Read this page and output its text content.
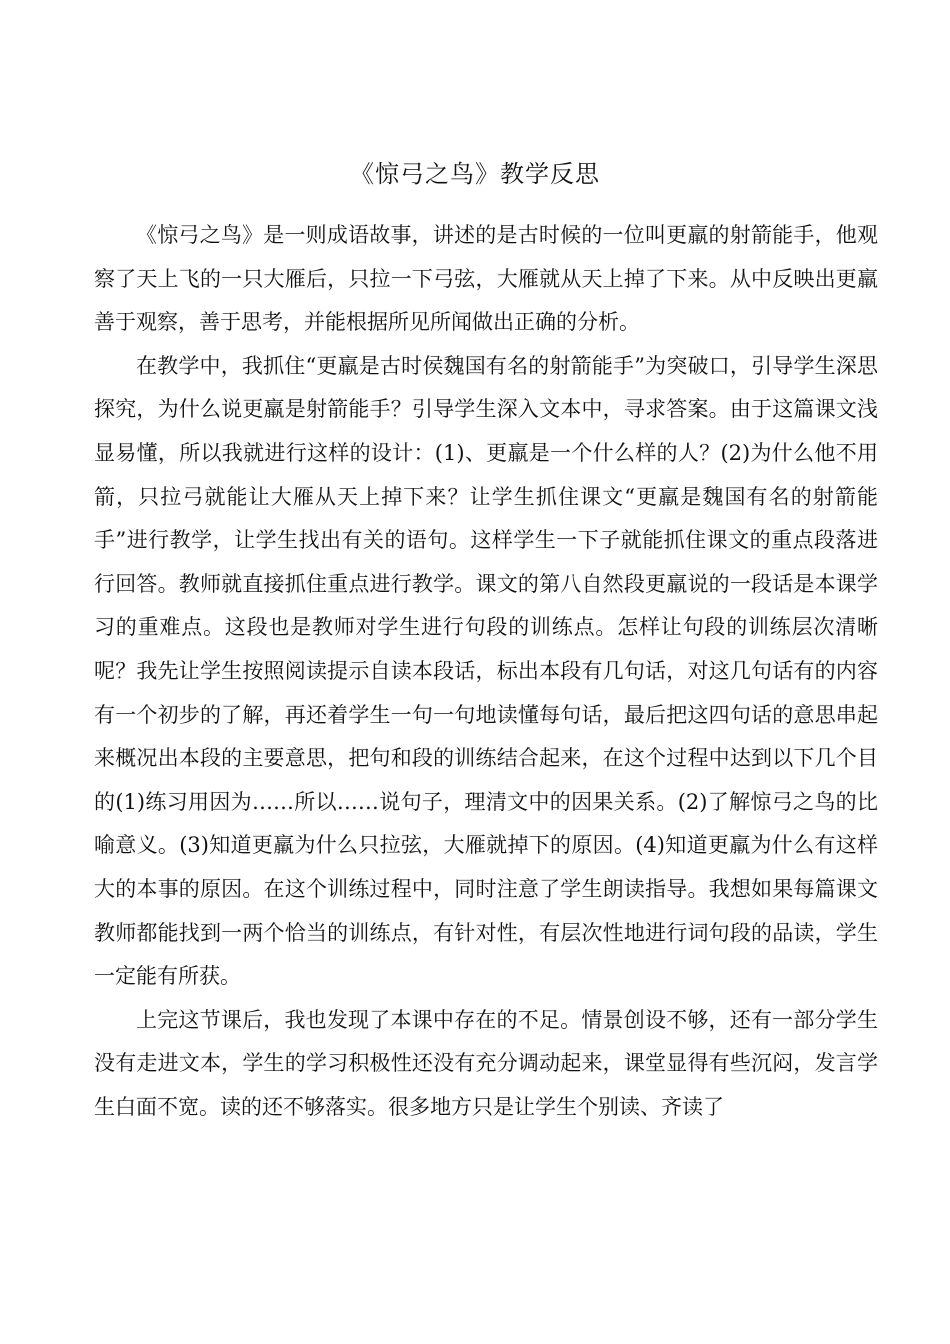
《惊弓之鸟》教学反思

《惊弓之鸟》是一则成语故事，讲述的是古时候的一位叫更羸的射箭能手，他观察了天上飞的一只大雁后，只拉一下弓弦，大雁就从天上掉了下来。从中反映出更羸善于观察，善于思考，并能根据所见所闻做出正确的分析。

在教学中，我抓住“更羸是古时侯魏国有名的射箭能手”为突破口，引导学生深思探究，为什么说更羸是射箭能手？引导学生深入文本中，寻求答案。由于这篇课文浅显易懂，所以我就进行这样的设计：(1)、更羸是一个什么样的人？(2)为什么他不用箭，只拉弓就能让大雁从天上掉下来？让学生抓住课文“更羸是魏国有名的射箭能手”进行教学，让学生找出有关的语句。这样学生一下子就能抓住课文的重点段落进行回答。教师就直接抓住重点进行教学。课文的第八自然段更羸说的一段话是本课学习的重难点。这段也是教师对学生进行句段的训练点。怎样让句段的训练层次清晰呢？我先让学生按照阅读提示自读本段话，标出本段有几句话，对这几句话有的内容有一个初步的了解，再还着学生一句一句地读懂每句话，最后把这四句话的意思串起来概况出本段的主要意思，把句和段的训练结合起来，在这个过程中达到以下几个目的(1)练习用因为……所以……说句子，理清文中的因果关系。(2)了解惊弓之鸟的比喻意义。(3)知道更羸为什么只拉弦，大雁就掉下的原因。(4)知道更羸为什么有这样大的本事的原因。在这个训练过程中，同时注意了学生朗读指导。我想如果每篇课文教师都能找到一两个恰当的训练点，有针对性，有层次性地进行词句段的品读，学生一定能有所获。

上完这节课后，我也发现了本课中存在的不足。情景创设不够，还有一部分学生没有走进文本，学生的学习积极性还没有充分调动起来，课堂显得有些沉闷，发言学生白面不宽。读的还不够落实。很多地方只是让学生个别读、齐读了
